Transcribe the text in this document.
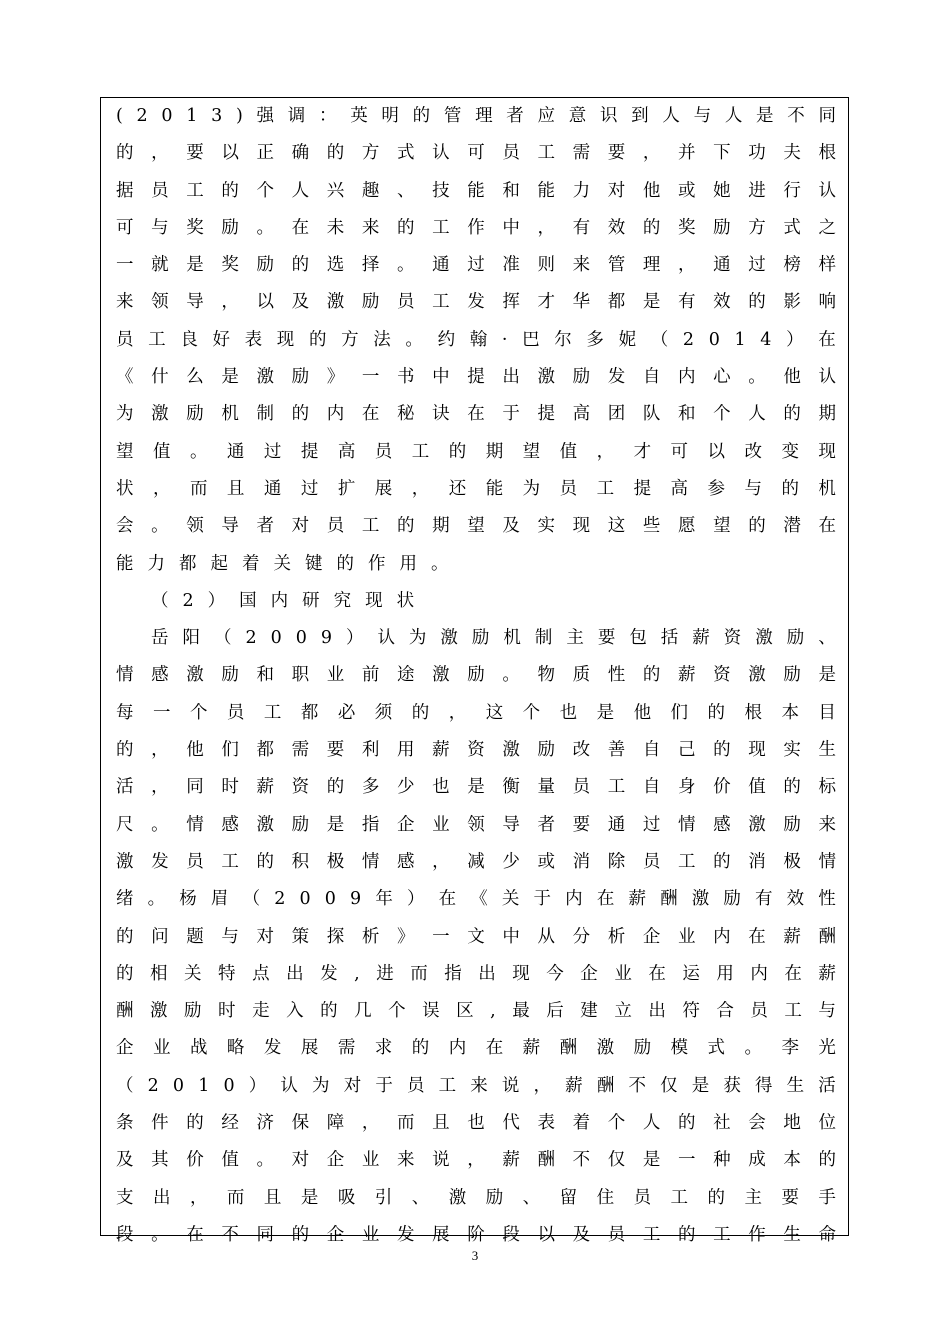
( 2 0 1 3 ) 强 调 ： 英 明 的 管 理 者 应 意 识 到 人 与 人 是 不 同
的 ， 要 以 正 确 的 方 式 认 可 员 工 需 要 ， 并 下 功 夫 根
据 员 工 的 个 人 兴 趣 、 技 能 和 能 力 对 他 或 她 进 行 认
可 与 奖 励 。 在 未 来 的 工 作 中 ， 有 效 的 奖 励 方 式 之
一 就 是 奖 励 的 选 择 。 通 过 准 则 来 管 理 ， 通 过 榜 样
来 领 导 ， 以 及 激 励 员 工 发 挥 才 华 都 是 有 效 的 影 响
员 工 良 好 表 现 的 方 法 。 约 翰 · 巴 尔 多 妮 （ 2 0 1 4 ） 在
《 什 么 是 激 励 》 一 书 中 提 出 激 励 发 自 内 心 。 他 认
为 激 励 机 制 的 内 在 秘 诀 在 于 提 高 团 队 和 个 人 的 期
望 值 。 通 过 提 高 员 工 的 期 望 值 ， 才 可 以 改 变 现
状 ， 而 且 通 过 扩 展 ， 还 能 为 员 工 提 高 参 与 的 机
会 。 领 导 者 对 员 工 的 期 望 及 实 现 这 些 愿 望 的 潜 在
能 力 都 起 着 关 键 的 作 用 。
（ 2 ） 国 内 研 究 现 状
岳 阳 （ 2 0 0 9 ） 认 为 激 励 机 制 主 要 包 括 薪 资 激 励 、
情 感 激 励 和 职 业 前 途 激 励 。 物 质 性 的 薪 资 激 励 是
每 一 个 员 工 都 必 须 的 ， 这 个 也 是 他 们 的 根 本 目
的 ， 他 们 都 需 要 利 用 薪 资 激 励 改 善 自 己 的 现 实 生
活 ， 同 时 薪 资 的 多 少 也 是 衡 量 员 工 自 身 价 值 的 标
尺 。 情 感 激 励 是 指 企 业 领 导 者 要 通 过 情 感 激 励 来
激 发 员 工 的 积 极 情 感 ， 减 少 或 消 除 员 工 的 消 极 情
绪 。 杨 眉 （ 2 0 0 9 年 ） 在 《 关 于 内 在 薪 酬 激 励 有 效 性
的 问 题 与 对 策 探 析 》 一 文 中 从 分 析 企 业 内 在 薪 酬
的 相 关 特 点 出 发 , 进 而 指 出 现 今 企 业 在 运 用 内 在 薪
酬 激 励 时 走 入 的 几 个 误 区 , 最 后 建 立 出 符 合 员 工 与
企 业 战 略 发 展 需 求 的 内 在 薪 酬 激 励 模 式 。 李 光
（ 2 0 1 0 ） 认 为 对 于 员 工 来 说 ， 薪 酬 不 仅 是 获 得 生 活
条 件 的 经 济 保 障 ， 而 且 也 代 表 着 个 人 的 社 会 地 位
及 其 价 值 。 对 企 业 来 说 ， 薪 酬 不 仅 是 一 种 成 本 的
支 出 ， 而 且 是 吸 引 、 激 励 、 留 住 员 工 的 主 要 手
段 。 在 不 同 的 企 业 发 展 阶 段 以 及 员 工 的 工 作 生 命
3
